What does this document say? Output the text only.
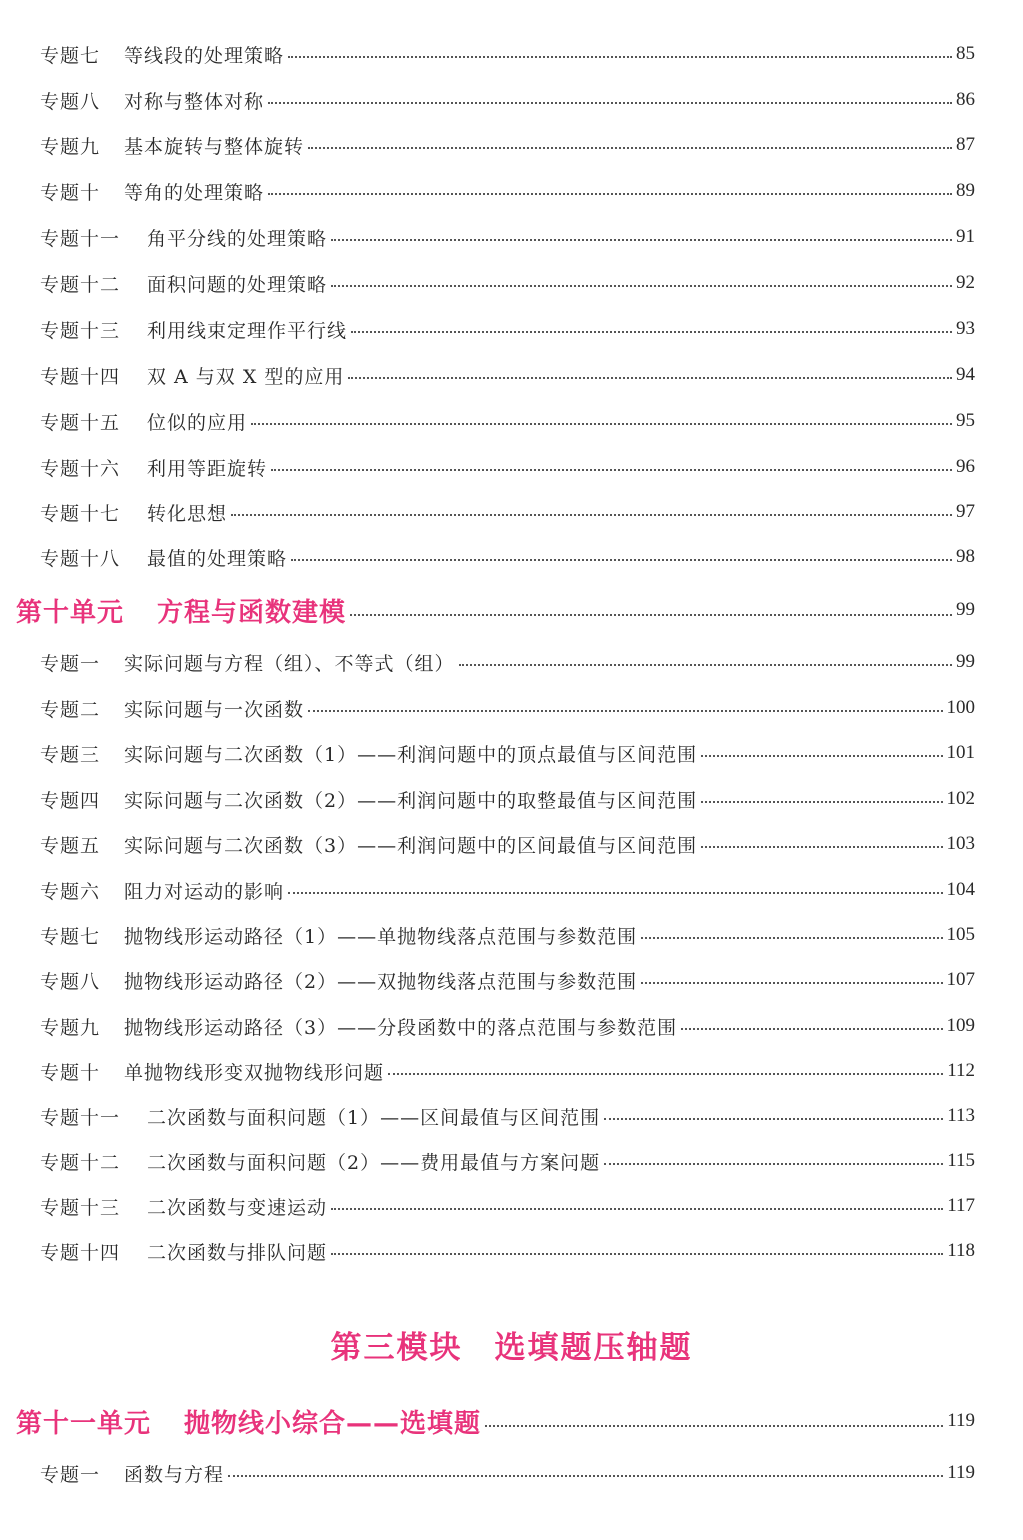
专题七	等线段的处理策略	85
专题八	对称与整体对称	86
专题九	基本旋转与整体旋转	87
专题十	等角的处理策略	89
专题十一	角平分线的处理策略	91
专题十二	面积问题的处理策略	92
专题十三	利用线束定理作平行线	93
专题十四	双 A 与双 X 型的应用	94
专题十五	位似的应用	95
专题十六	利用等距旋转	96
专题十七	转化思想	97
专题十八	最值的处理策略	98
第十单元	方程与函数建模	99
专题一	实际问题与方程（组）、不等式（组）	99
专题二	实际问题与一次函数	100
专题三	实际问题与二次函数（1）——利润问题中的顶点最值与区间范围	101
专题四	实际问题与二次函数（2）——利润问题中的取整最值与区间范围	102
专题五	实际问题与二次函数（3）——利润问题中的区间最值与区间范围	103
专题六	阻力对运动的影响	104
专题七	抛物线形运动路径（1）——单抛物线落点范围与参数范围	105
专题八	抛物线形运动路径（2）——双抛物线落点范围与参数范围	107
专题九	抛物线形运动路径（3）——分段函数中的落点范围与参数范围	109
专题十	单抛物线形变双抛物线形问题	112
专题十一	二次函数与面积问题（1）——区间最值与区间范围	113
专题十二	二次函数与面积问题（2）——费用最值与方案问题	115
专题十三	二次函数与变速运动	117
专题十四	二次函数与排队问题	118
第三模块 选填题压轴题
第十一单元	抛物线小综合——选填题	119
专题一	函数与方程	119
